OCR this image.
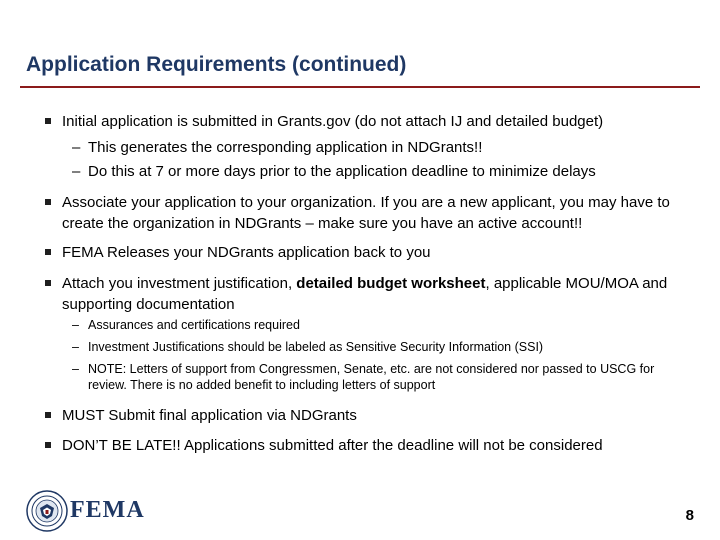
Application Requirements (continued)
Initial application is submitted in Grants.gov (do not attach IJ and detailed budget)
– This generates the corresponding application in NDGrants!!
– Do this at 7 or more days prior to the application deadline to minimize delays
Associate your application to your organization. If you are a new applicant, you may have to create the organization in NDGrants – make sure you have an active account!!
FEMA Releases your NDGrants application back to you
Attach you investment justification, detailed budget worksheet, applicable MOU/MOA and supporting documentation
– Assurances and certifications required
– Investment Justifications should be labeled as Sensitive Security Information (SSI)
– NOTE: Letters of support from Congressmen, Senate, etc. are not considered nor passed to USCG for review. There is no added benefit to including letters of support
MUST Submit final application via NDGrants
DON’T BE LATE!! Applications submitted after the deadline will not be considered
FEMA	8
